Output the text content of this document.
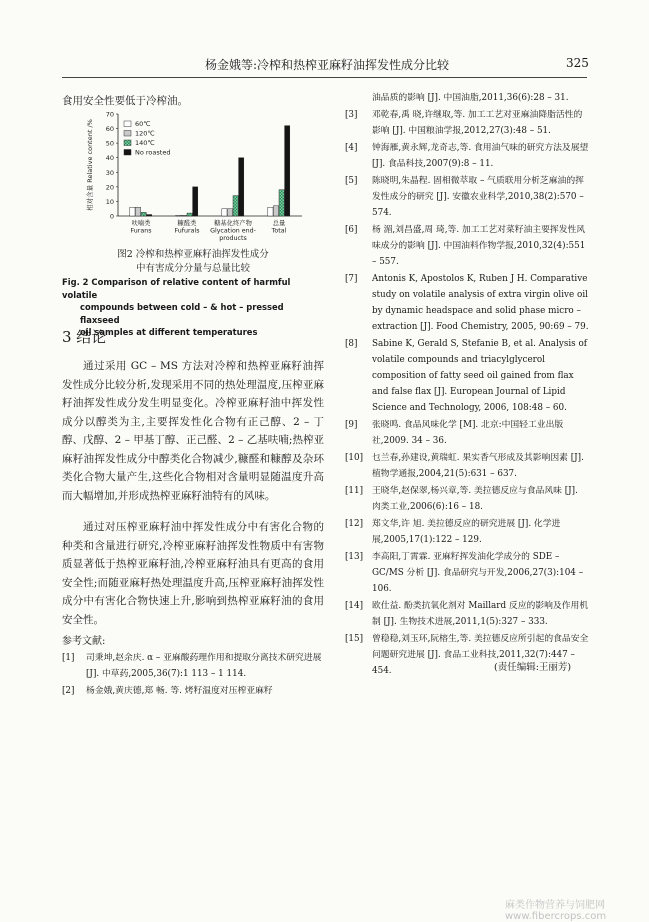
杨金娥等:冷榨和热榨亚麻籽油挥发性成分比较	325
食用安全性要低于冷榨油。
0
10
20
30
40
50
60
70
相对含量 Relative content /%
呋喃类
Furans
糠醛类
Fufurals
糖基化终产物
Glycation end-
products
总量
Total
60℃
120℃
140℃
No roasted
图2 冷榨和热榨亚麻籽油挥发性成分
中有害成分分量与总量比较
Fig. 2 Comparison of relative content of harmful volatile
compounds between cold – & hot – pressed flaxseed
oil samples at different temperatures
3 结论

通过采用 GC – MS 方法对冷榨和热榨亚麻籽油挥发性成分比较分析,发现采用不同的热处理温度,压榨亚麻籽油挥发性成分发生明显变化。冷榨亚麻籽油中挥发性成分以醇类为主,主要挥发性化合物有正己醇、2 – 丁醇、戊醇、2 – 甲基丁醇、正己醛、2 – 乙基呋喃;热榨亚麻籽油挥发性成分中醇类化合物减少,糠醛和糠醇及杂环类化合物大量产生,这些化合物相对含量明显随温度升高而大幅增加,并形成热榨亚麻籽油特有的风味。

通过对压榨亚麻籽油中挥发性成分中有害化合物的种类和含量进行研究,冷榨亚麻籽油挥发性物质中有害物质显著低于热榨亚麻籽油,冷榨亚麻籽油具有更高的食用安全性;而随亚麻籽热处理温度升高,压榨亚麻籽油挥发性成分中有害化合物快速上升,影响到热榨亚麻籽油的食用安全性。

参考文献:
[1] 司秉坤,赵余庆. α – 亚麻酸药理作用和提取分离技术研究进展 [J]. 中草药,2005,36(7):1 113 – 1 114.
[2] 杨金娥,黄庆德,郑 畅. 等. 烤籽温度对压榨亚麻籽
油品质的影响 [J]. 中国油脂,2011,36(6):28 – 31.
[3] 邓乾春,禹 晓,许继取,等. 加工工艺对亚麻油降脂活性的影响 [J]. 中国粮油学报,2012,27(3):48 – 51.
[4] 钟海雁,黄永辉,龙奇志,等. 食用油气味的研究方法及展望 [J]. 食品科技,2007(9):8 – 11.
[5] 陈晓明,朱晶程. 固相微萃取 – 气质联用分析芝麻油的挥发性成分的研究 [J]. 安徽农业科学,2010,38(2):570 – 574.
[6] 杨 湄,刘昌盛,周 琦,等. 加工工艺对菜籽油主要挥发性风味成分的影响 [J]. 中国油料作物学报,2010,32(4):551 – 557.
[7] Antonis K, Apostolos K, Ruben J H. Comparative study on volatile analysis of extra virgin olive oil by dynamic headspace and solid phase micro – extraction [J]. Food Chemistry, 2005, 90:69 – 79.
[8] Sabine K, Gerald S, Stefanie B, et al. Analysis of volatile compounds and triacylglycerol composition of fatty seed oil gained from flax and false flax [J]. European Journal of Lipid Science and Technology, 2006, 108:48 – 60.
[9] 张晓鸣. 食品风味化学 [M]. 北京:中国轻工业出版社,2009. 34 – 36.
[10] 乜兰春,孙建设,黄瑞虹. 果实香气形成及其影响因素 [J]. 植物学通报,2004,21(5):631 – 637.
[11] 王晓华,赵保翠,杨兴章,等. 美拉德反应与食品风味 [J]. 肉类工业,2006(6):16 – 18.
[12] 郑文华,许 旭. 美拉德反应的研究进展 [J]. 化学进展,2005,17(1):122 – 129.
[13] 李高阳,丁霄霖. 亚麻籽挥发油化学成分的 SDE – GC/MS 分析 [J]. 食品研究与开发,2006,27(3):104 – 106.
[14] 欧仕益. 酚类抗氧化剂对 Maillard 反应的影响及作用机制 [J]. 生物技术进展,2011,1(5):327 – 333.
[15] 曾稳稳,刘玉环,阮榕生,等. 美拉德反应所引起的食品安全问题研究进展 [J]. 食品工业科技,2011,32(7):447 – 454.	(责任编辑:王丽芳)
麻类作物营养与饲肥网 www.fibercrops.com
